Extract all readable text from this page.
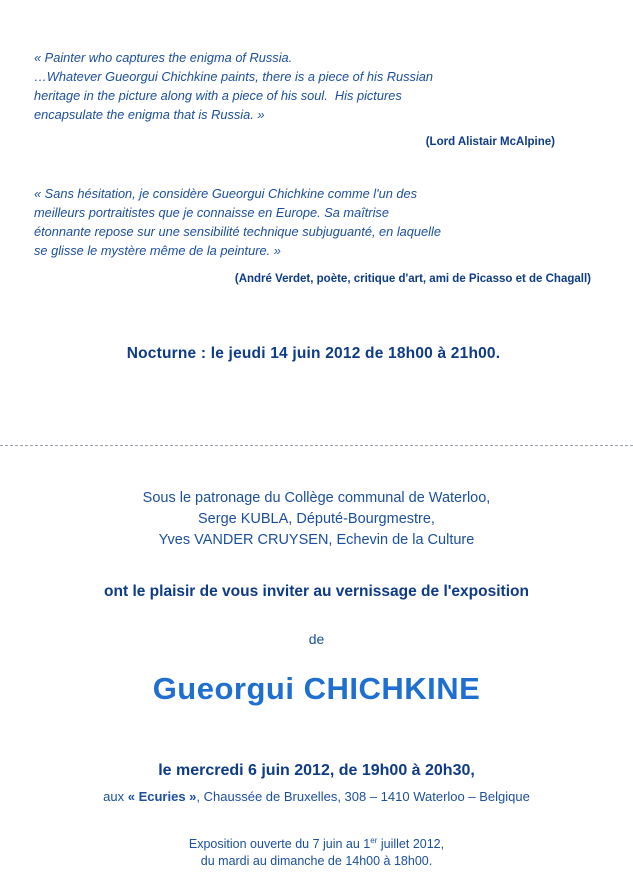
« Painter who captures the enigma of Russia.
…Whatever Gueorgui Chichkine paints, there is a piece of his Russian
heritage in the picture along with a piece of his soul.  His pictures
encapsulate the enigma that is Russia. »
(Lord Alistair McAlpine)
« Sans hésitation, je considère Gueorgui Chichkine comme l'un des
meilleurs portraitistes que je connaisse en Europe. Sa maîtrise
étonnante repose sur une sensibilité technique subjuguanté, en laquelle
se glisse le mystère même de la peinture. »
(André Verdet, poète, critique d'art, ami de Picasso et de Chagall)
Nocturne : le jeudi 14 juin 2012 de 18h00 à 21h00.
Sous le patronage du Collège communal de Waterloo,
Serge KUBLA, Député-Bourgmestre,
Yves VANDER CRUYSEN, Echevin de la Culture
ont le plaisir de vous inviter au vernissage de l'exposition
de
Gueorgui CHICHKINE
le mercredi 6 juin 2012, de 19h00 à 20h30,
aux « Ecuries », Chaussée de Bruxelles, 308 – 1410 Waterloo – Belgique
Exposition ouverte du 7 juin au 1er juillet 2012,
du mardi au dimanche de 14h00 à 18h00.
